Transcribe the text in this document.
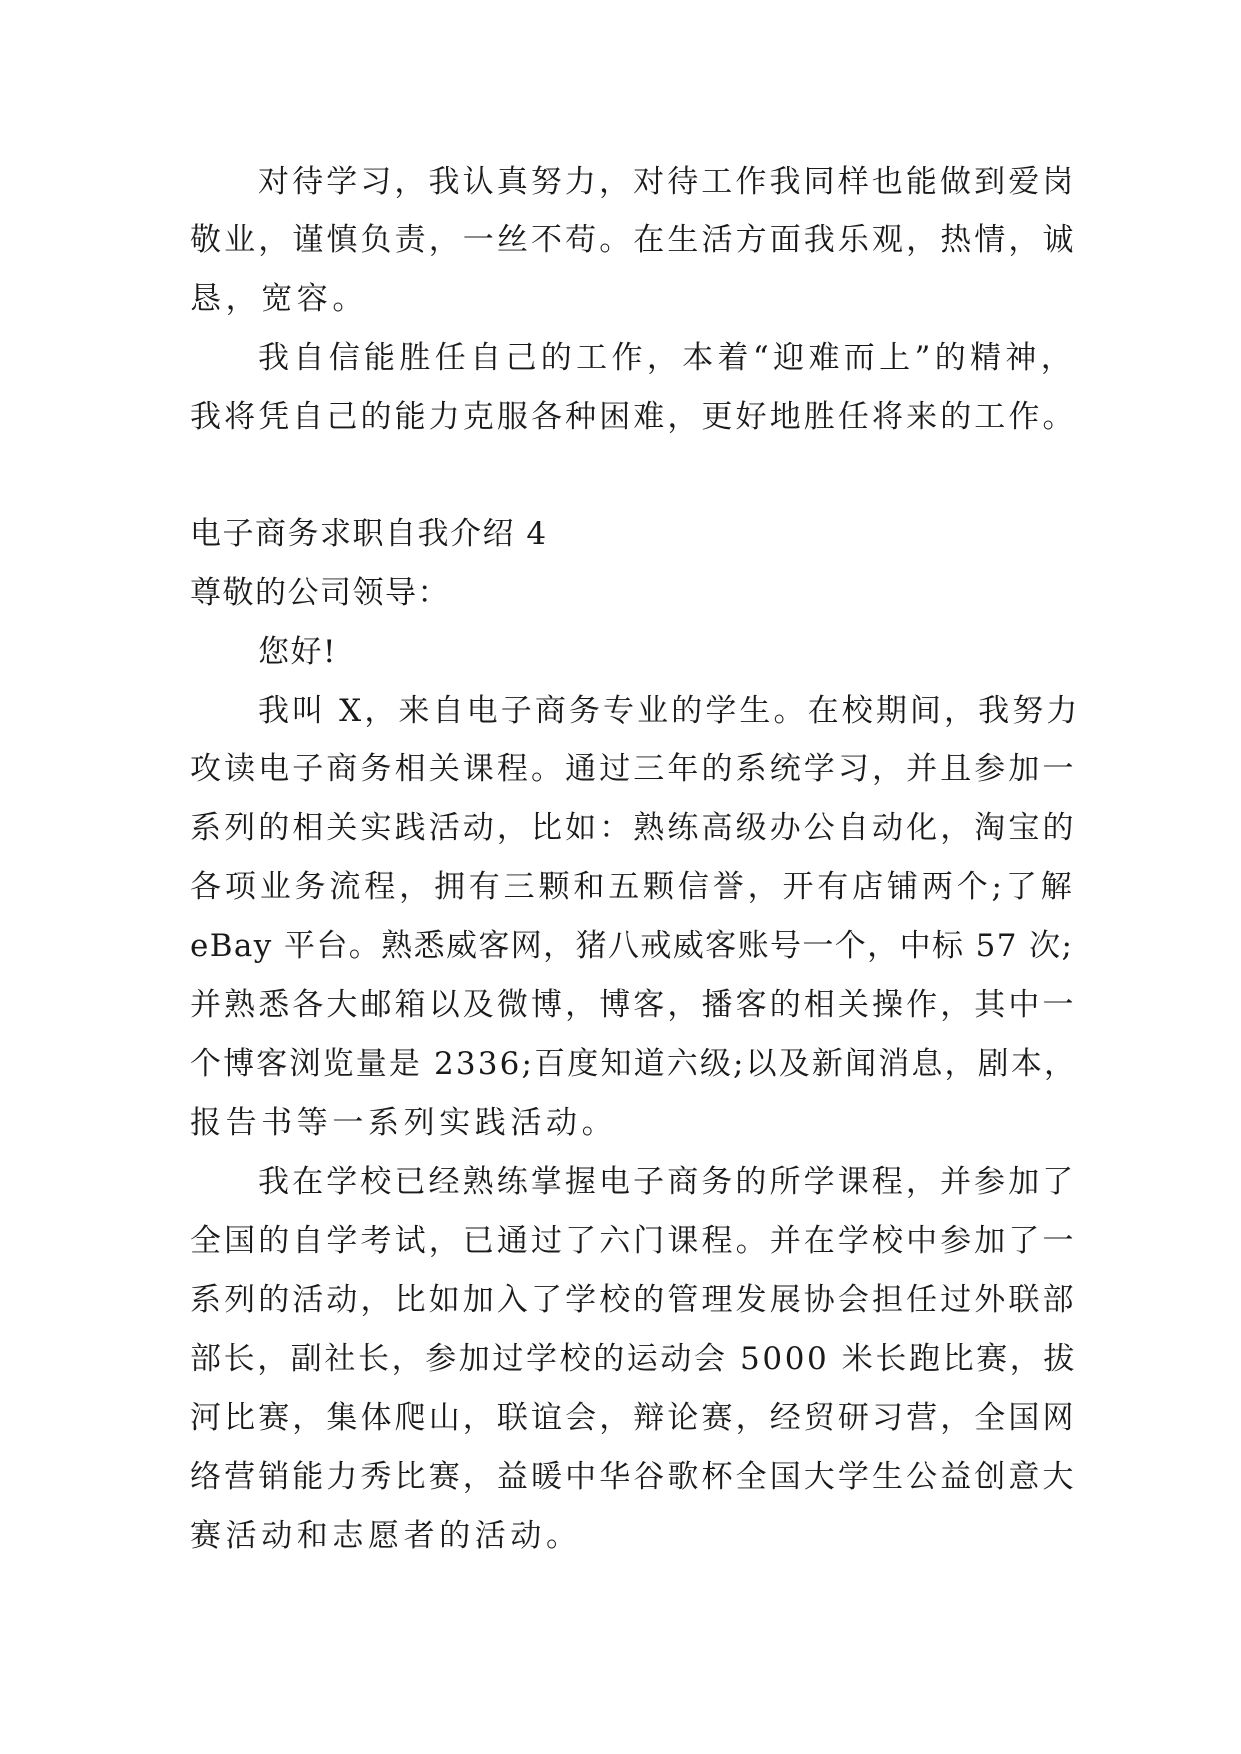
对待学习，我认真努力，对待工作我同样也能做到爱岗
敬业，谨慎负责，一丝不苟。在生活方面我乐观，热情，诚
恳，宽容。
我自信能胜任自己的工作，本着“迎难而上”的精神，
我将凭自己的能力克服各种困难，更好地胜任将来的工作。
电子商务求职自我介绍 4
尊敬的公司领导：
您好!
我叫 X，来自电子商务专业的学生。在校期间，我努力
攻读电子商务相关课程。通过三年的系统学习，并且参加一
系列的相关实践活动，比如：熟练高级办公自动化，淘宝的
各项业务流程，拥有三颗和五颗信誉，开有店铺两个;了解
eBay 平台。熟悉威客网，猪八戒威客账号一个，中标 57 次;
并熟悉各大邮箱以及微博，博客，播客的相关操作，其中一
个博客浏览量是 2336;百度知道六级;以及新闻消息，剧本，
报告书等一系列实践活动。
我在学校已经熟练掌握电子商务的所学课程，并参加了
全国的自学考试，已通过了六门课程。并在学校中参加了一
系列的活动，比如加入了学校的管理发展协会担任过外联部
部长，副社长，参加过学校的运动会 5000 米长跑比赛，拔
河比赛，集体爬山，联谊会，辩论赛，经贸研习营，全国网
络营销能力秀比赛，益暖中华谷歌杯全国大学生公益创意大
赛活动和志愿者的活动。
